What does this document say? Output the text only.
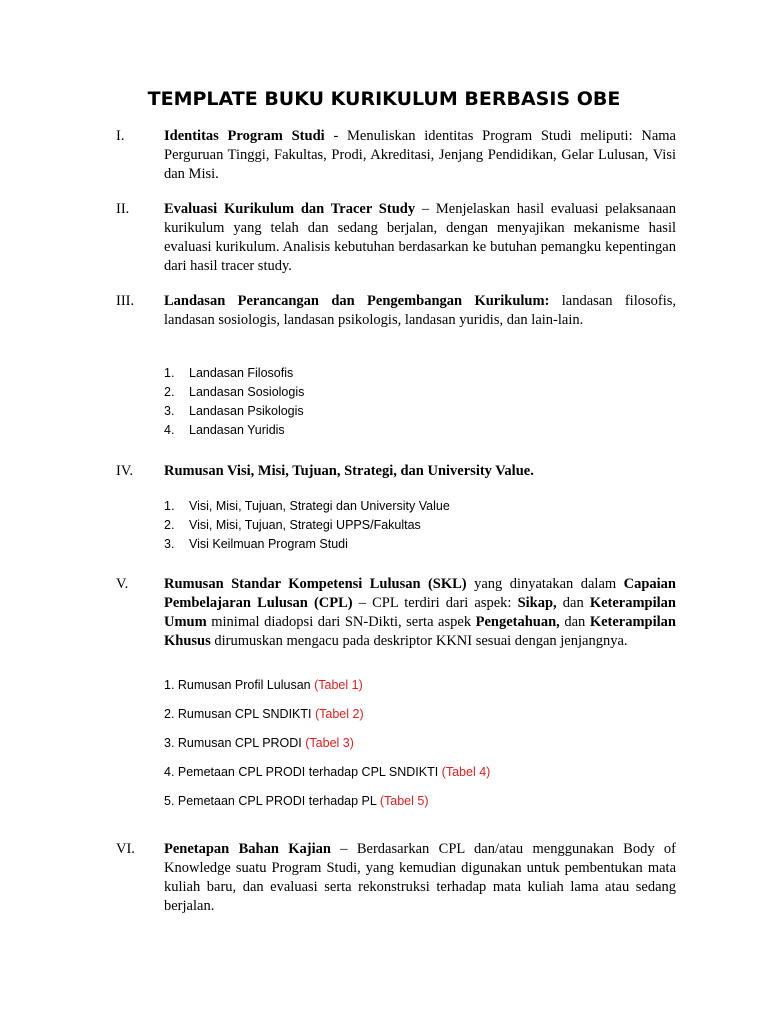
TEMPLATE BUKU KURIKULUM BERBASIS OBE
I.	Identitas Program Studi - Menuliskan identitas Program Studi meliputi: Nama Perguruan Tinggi, Fakultas, Prodi, Akreditasi, Jenjang Pendidikan, Gelar Lulusan, Visi dan Misi.
II. Evaluasi Kurikulum dan Tracer Study – Menjelaskan hasil evaluasi pelaksanaan kurikulum yang telah dan sedang berjalan, dengan menyajikan mekanisme hasil evaluasi kurikulum. Analisis kebutuhan berdasarkan ke butuhan pemangku kepentingan dari hasil tracer study.
III. Landasan Perancangan dan Pengembangan Kurikulum: landasan filosofis, landasan sosiologis, landasan psikologis, landasan yuridis, dan lain-lain.
1. Landasan Filosofis
2. Landasan Sosiologis
3. Landasan Psikologis
4. Landasan Yuridis
IV. Rumusan Visi, Misi, Tujuan, Strategi, dan University Value.
1. Visi, Misi, Tujuan, Strategi dan University Value
2. Visi, Misi, Tujuan, Strategi UPPS/Fakultas
3. Visi Keilmuan Program Studi
V. Rumusan Standar Kompetensi Lulusan (SKL) yang dinyatakan dalam Capaian Pembelajaran Lulusan (CPL) – CPL terdiri dari aspek: Sikap, dan Keterampilan Umum minimal diadopsi dari SN-Dikti, serta aspek Pengetahuan, dan Keterampilan Khusus dirumuskan mengacu pada deskriptor KKNI sesuai dengan jenjangnya.
1. Rumusan Profil Lulusan (Tabel 1)
2. Rumusan CPL SNDIKTI (Tabel 2)
3. Rumusan CPL PRODI (Tabel 3)
4. Pemetaan CPL PRODI terhadap CPL SNDIKTI (Tabel 4)
5. Pemetaan CPL PRODI terhadap PL (Tabel 5)
VI. Penetapan Bahan Kajian – Berdasarkan CPL dan/atau menggunakan Body of Knowledge suatu Program Studi, yang kemudian digunakan untuk pembentukan mata kuliah baru, dan evaluasi serta rekonstruksi terhadap mata kuliah lama atau sedang berjalan.
